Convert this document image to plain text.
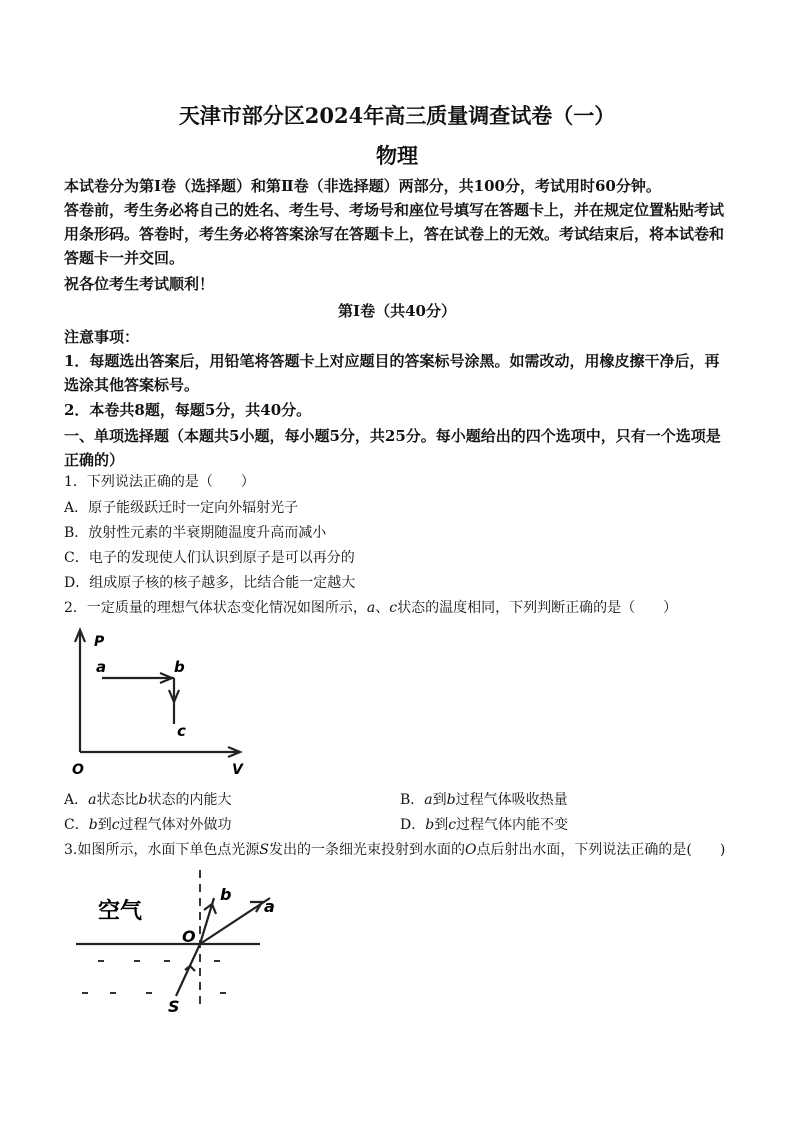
天津市部分区2024年高三质量调查试卷（一）
物理
本试卷分为第Ⅰ卷（选择题）和第Ⅱ卷（非选择题）两部分，共100分，考试用时60分钟。
答卷前，考生务必将自己的姓名、考生号、考场号和座位号填写在答题卡上，并在规定位置粘贴考试用条形码。答卷时，考生务必将答案涂写在答题卡上，答在试卷上的无效。考试结束后，将本试卷和答题卡一并交回。
祝各位考生考试顺利！
第Ⅰ卷（共40分）
注意事项：
1．每题选出答案后，用铅笔将答题卡上对应题目的答案标号涂黑。如需改动，用橡皮擦干净后，再选涂其他答案标号。
2．本卷共8题，每题5分，共40分。
一、单项选择题（本题共5小题，每小题5分，共25分。每小题给出的四个选项中，只有一个选项是正确的）
1．下列说法正确的是（　　）
A．原子能级跃迁时一定向外辐射光子
B．放射性元素的半衰期随温度升高而减小
C．电子的发现使人们认识到原子是可以再分的
D．组成原子核的核子越多，比结合能一定越大
2．一定质量的理想气体状态变化情况如图所示，a、c状态的温度相同，下列判断正确的是（　　）
P
O	V
a	b
c
A．a状态比b状态的内能大	B．a到b过程气体吸收热量
C．b到c过程气体对外做功	D．b到c过程气体内能不变
3.如图所示，水面下单色点光源S发出的一条细光束投射到水面的O点后射出水面，下列说法正确的是(　　)
空气
O
b
a
S
